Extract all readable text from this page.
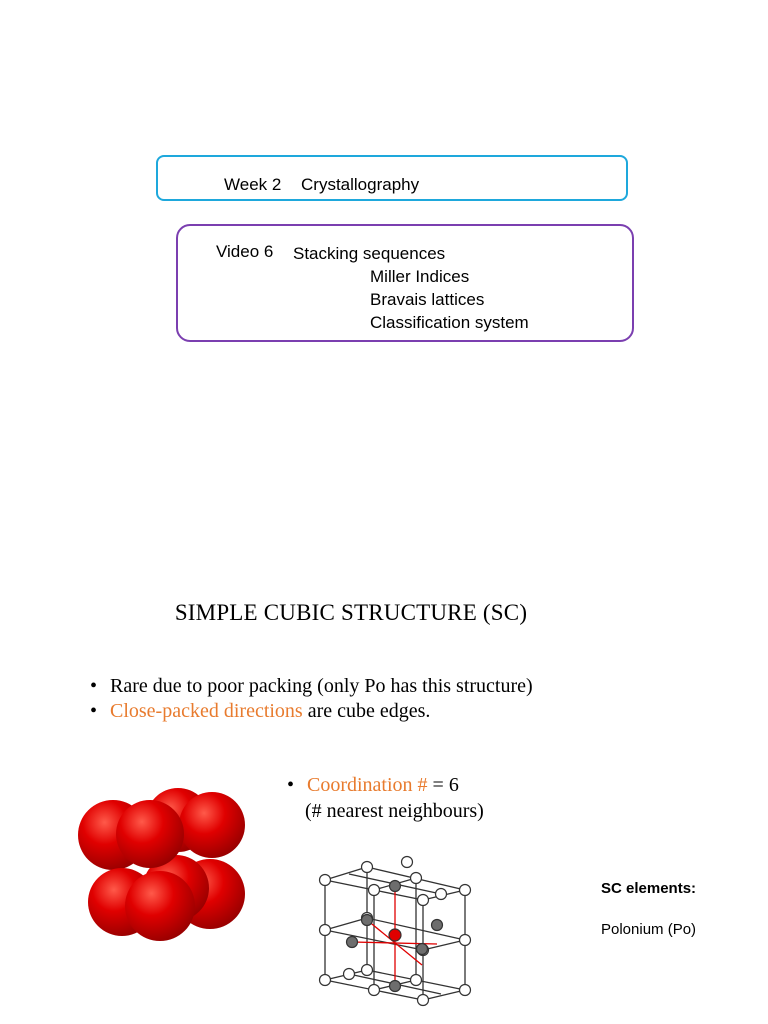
Week 2 Crystallography
Video 6 Stacking sequences
Miller Indices
Bravais lattices
Classification system
SIMPLE CUBIC STRUCTURE (SC)
• Rare due to poor packing (only Po has this structure)
• Close-packed directions are cube edges.
• Coordination # = 6
(# nearest neighbours)
SC elements:
Polonium (Po)
